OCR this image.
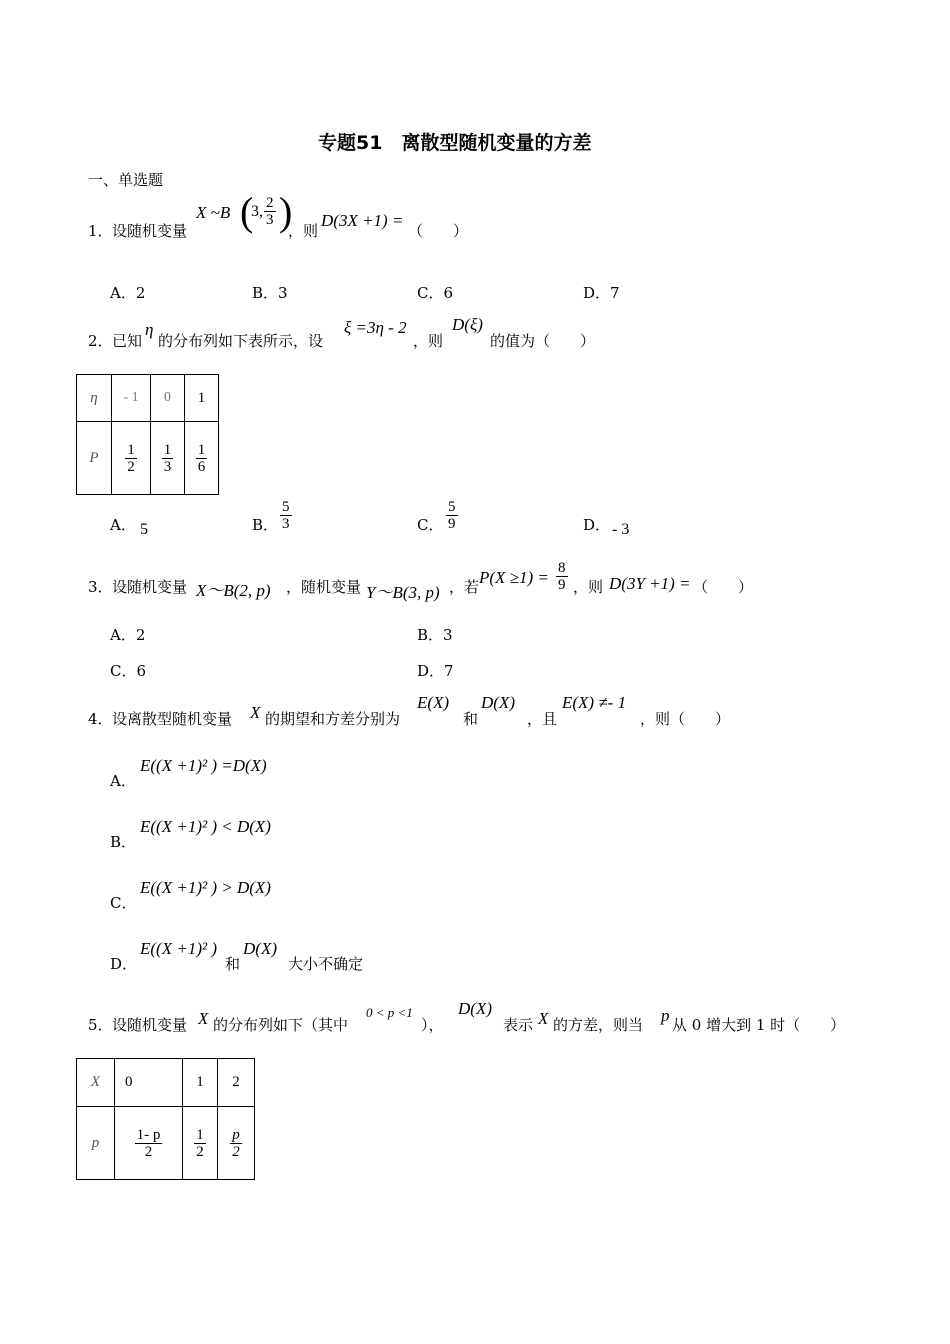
专题51　离散型随机变量的方差
一、单选题
1． 设随机变量
X ~B (
3, $\frac{2}{3}$ )
，则
D(3X +1) =
（　　）
A．2	B．3	C．6	D．7
2． 已知
η
的分布列如下表所示，设
ξ =3η - 2
，则
D(ξ)
的值为（　　）
η	- 1	0	1
P	$\frac{1}{2}$	$\frac{1}{3}$	$\frac{1}{6}$
A． 5	B． $\frac{5}{3}$	C． $\frac{5}{9}$	D． - 3
3． 设随机变量 X～B(2, p) ，随机变量 Y～B(3, p) ，若 $P(X \ge 1) = \frac{8}{9}$ ，则 D(3Y +1) = （　　）
A．2	B．3
C．6	D．7
4． 设离散型随机变量 X 的期望和方差分别为
E(X)
和
D(X)
，且
E(X) ≠- 1
，则（　　）
A．
E((X +1)² ) =D(X)
B．
E((X +1)² ) < D(X)
C．
E((X +1)² ) > D(X)
D．
E((X +1)² )
和
D(X)
大小不确定
5． 设随机变量 X 的分布列如下（其中
0 < p <1
），
D(X)
表示 X 的方差，则当 p 从 0 增大到 1 时（　　）
X	0	1	2
p	$\frac{1- p}{2}$	$\frac{1}{2}$	$\frac{p}{2}$
